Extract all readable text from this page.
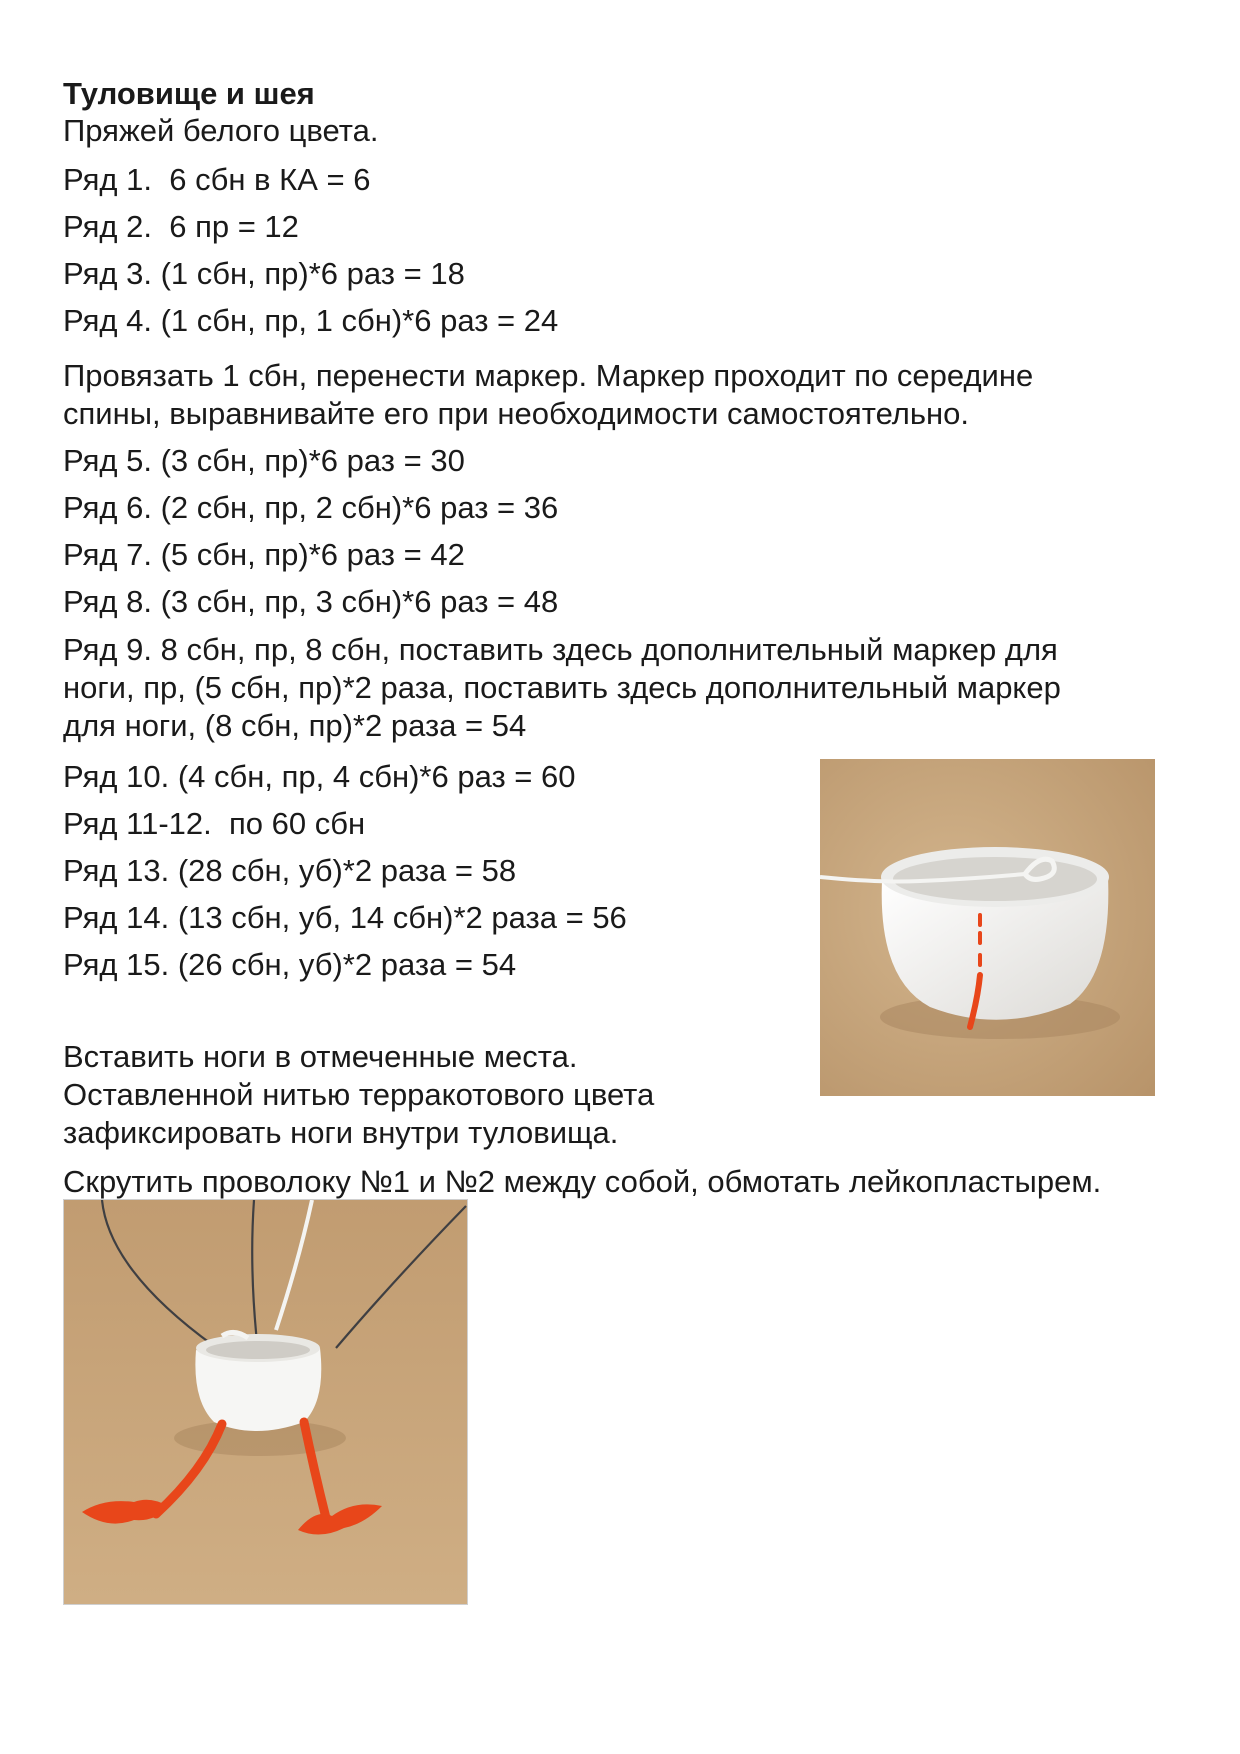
Туловище и шея
Пряжей белого цвета.
Ряд 1.  6 сбн в КА = 6
Ряд 2.  6 пр = 12
Ряд 3. (1 сбн, пр)*6 раз = 18
Ряд 4. (1 сбн, пр, 1 сбн)*6 раз = 24
Провязать 1 сбн, перенести маркер. Маркер проходит по середине
спины, выравнивайте его при необходимости самостоятельно.
Ряд 5. (3 сбн, пр)*6 раз = 30
Ряд 6. (2 сбн, пр, 2 сбн)*6 раз = 36
Ряд 7. (5 сбн, пр)*6 раз = 42
Ряд 8. (3 сбн, пр, 3 сбн)*6 раз = 48
Ряд 9. 8 сбн, пр, 8 сбн, поставить здесь дополнительный маркер для
ноги, пр, (5 сбн, пр)*2 раза, поставить здесь дополнительный маркер
для ноги, (8 сбн, пр)*2 раза = 54
Ряд 10. (4 сбн, пр, 4 сбн)*6 раз = 60
Ряд 11-12.  по 60 сбн
Ряд 13. (28 сбн, уб)*2 раза = 58
Ряд 14. (13 сбн, уб, 14 сбн)*2 раза = 56
Ряд 15. (26 сбн, уб)*2 раза = 54
Вставить ноги в отмеченные места.
Оставленной нитью терракотового цвета
зафиксировать ноги внутри туловища.
Скрутить проволоку №1 и №2 между собой, обмотать лейкопластырем.
